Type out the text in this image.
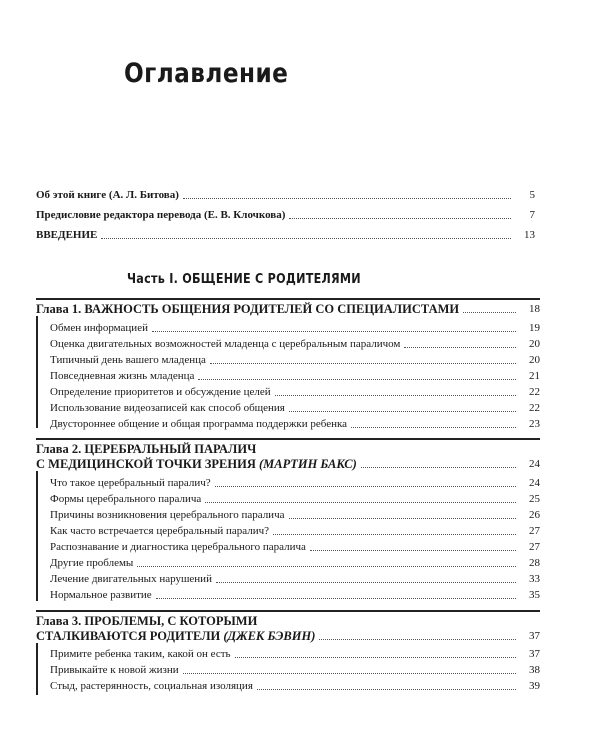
Оглавление
Об этой книге (А. Л. Битова)	5
Предисловие редактора перевода (Е. В. Клочкова)	7
ВВЕДЕНИЕ	13
Часть I. ОБЩЕНИЕ С РОДИТЕЛЯМИ
Глава 1. ВАЖНОСТЬ ОБЩЕНИЯ РОДИТЕЛЕЙ СО СПЕЦИАЛИСТАМИ	18
Обмен информацией	19
Оценка двигательных возможностей младенца с церебральным параличом	20
Типичный день вашего младенца	20
Повседневная жизнь младенца	21
Определение приоритетов и обсуждение целей	22
Использование видеозаписей как способ общения	22
Двустороннее общение и общая программа поддержки ребенка	23
Глава 2. ЦЕРЕБРАЛЬНЫЙ ПАРАЛИЧ
С МЕДИЦИНСКОЙ ТОЧКИ ЗРЕНИЯ (МАРТИН БАКС)	24
Что такое церебральный паралич?	24
Формы церебрального паралича	25
Причины возникновения церебрального паралича	26
Как часто встречается церебральный паралич?	27
Распознавание и диагностика церебрального паралича	27
Другие проблемы	28
Лечение двигательных нарушений	33
Нормальное развитие	35
Глава 3. ПРОБЛЕМЫ, С КОТОРЫМИ
СТАЛКИВАЮТСЯ РОДИТЕЛИ (ДЖЕК БЭВИН)	37
Примите ребенка таким, какой он есть	37
Привыкайте к новой жизни	38
Стыд, растерянность, социальная изоляция	39
